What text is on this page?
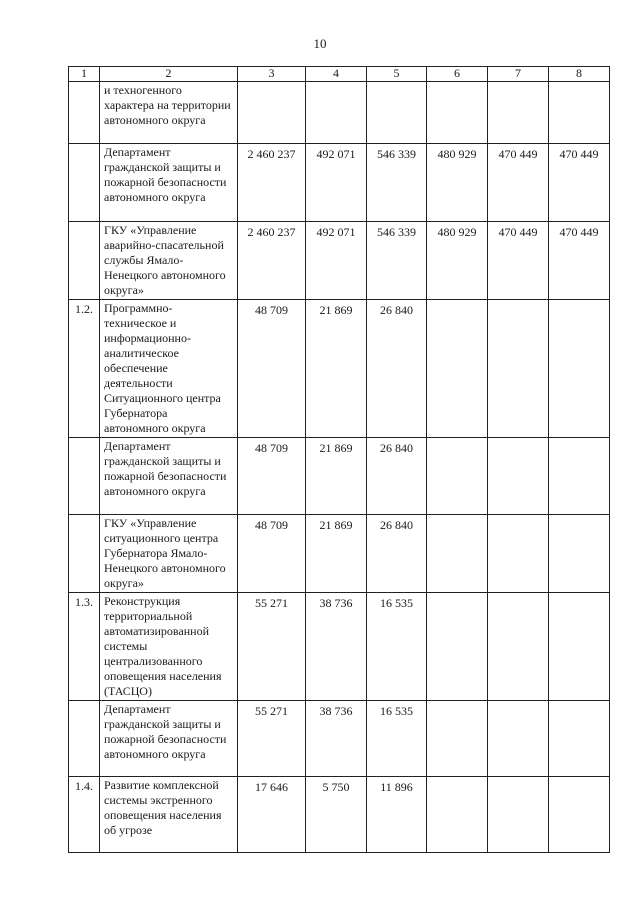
10
1	2	3	4	5	6	7	8
	и техногенного характера на территории автономного округа						
	Департамент гражданской защиты и пожарной безопасности автономного округа	2 460 237	492 071	546 339	480 929	470 449	470 449
	ГКУ «Управление аварийно-спасательной службы Ямало-Ненецкого автономного округа»	2 460 237	492 071	546 339	480 929	470 449	470 449
1.2.	Программно-техническое и информационно-аналитическое обеспечение деятельности Ситуационного центра Губернатора автономного округа	48 709	21 869	26 840			
	Департамент гражданской защиты и пожарной безопасности автономного округа	48 709	21 869	26 840			
	ГКУ «Управление ситуационного центра Губернатора Ямало-Ненецкого автономного округа»	48 709	21 869	26 840			
1.3.	Реконструкция территориальной автоматизированной системы централизованного оповещения населения (ТАСЦО)	55 271	38 736	16 535			
	Департамент гражданской защиты и пожарной безопасности автономного округа	55 271	38 736	16 535			
1.4.	Развитие комплексной системы экстренного оповещения населения об угрозе	17 646	5 750	11 896			
